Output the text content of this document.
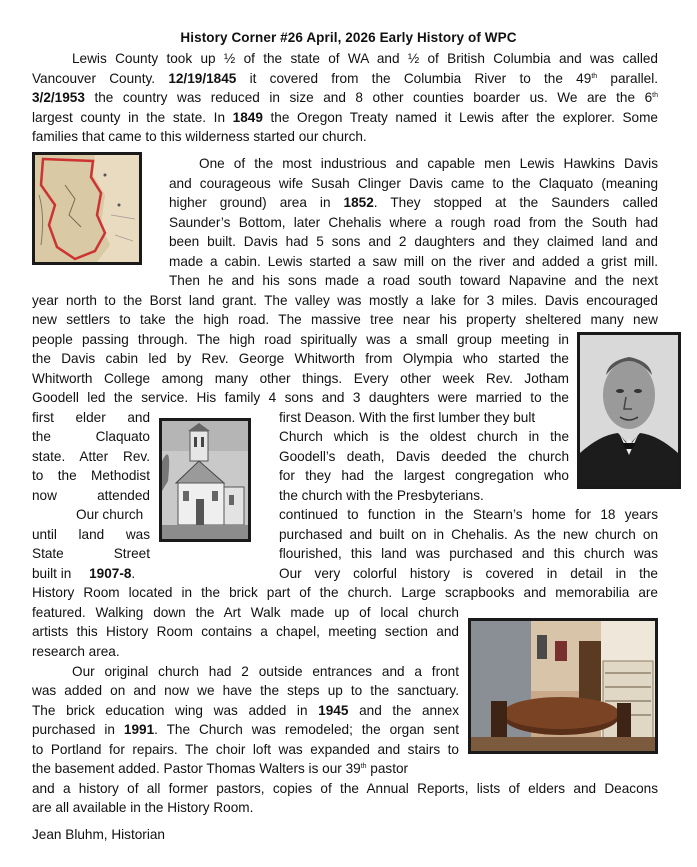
History Corner #26 April, 2026 Early History of WPC
Lewis County took up ½ of the state of WA and ½ of British Columbia and was called
Vancouver County. 12/19/1845 it covered from the Columbia River to the 49th parallel.
3/2/1953 the country was reduced in size and 8 other counties boarder us. We are the 6th
largest county in the state. In 1849 the Oregon Treaty named it Lewis after the explorer. Some
families that came to this wilderness started our church.
One of the most industrious and capable men Lewis Hawkins Davis
and courageous wife Susah Clinger Davis came to the Claquato (meaning
higher ground) area in 1852. They stopped at the Saunders called
Saunder’s Bottom, later Chehalis where a rough road from the South had
been built. Davis had 5 sons and 2 daughters and they claimed land and
made a cabin. Lewis started a saw mill on the river and added a grist mill.
Then he and his sons made a road south toward Napavine and the next
year north to the Borst land grant. The valley was mostly a lake for 3 miles. Davis encouraged
new settlers to take the high road. The massive tree near his property sheltered many new
people passing through. The high road spiritually was a small group meeting in
the Davis cabin led by Rev. George Whitworth from Olympia who started the
Whitworth College among many other things. Every other week Rev. Jotham
Goodell led the service. His family 4 sons and 3 daughters were married to the
first elder and
the Claquato
state. Atter Rev.
to the Methodist
now attended
Our church
until land was
State Street
built in 1907-8.
first Deason. With the first lumber they bult
Church which is the oldest church in the
Goodell’s death, Davis deeded the church
for they had the largest congregation who
the church with the Presbyterians.
continued to function in the Stearn’s home for 18 years
purchased and built on in Chehalis. As the new church on
flourished, this land was purchased and this church was
Our very colorful history is covered in detail in the
History Room located in the brick part of the church. Large scrapbooks and memorabilia are
featured. Walking down the Art Walk made up of local church
artists this History Room contains a chapel, meeting section and
research area.
Our original church had 2 outside entrances and a front
was added on and now we have the steps up to the sanctuary.
The brick education wing was added in 1945 and the annex
purchased in 1991. The Church was remodeled; the organ sent
to Portland for repairs. The choir loft was expanded and stairs to
the basement added. Pastor Thomas Walters is our 39th pastor
and a history of all former pastors, copies of the Annual Reports, lists of elders and Deacons
are all available in the History Room.
Jean Bluhm, Historian
